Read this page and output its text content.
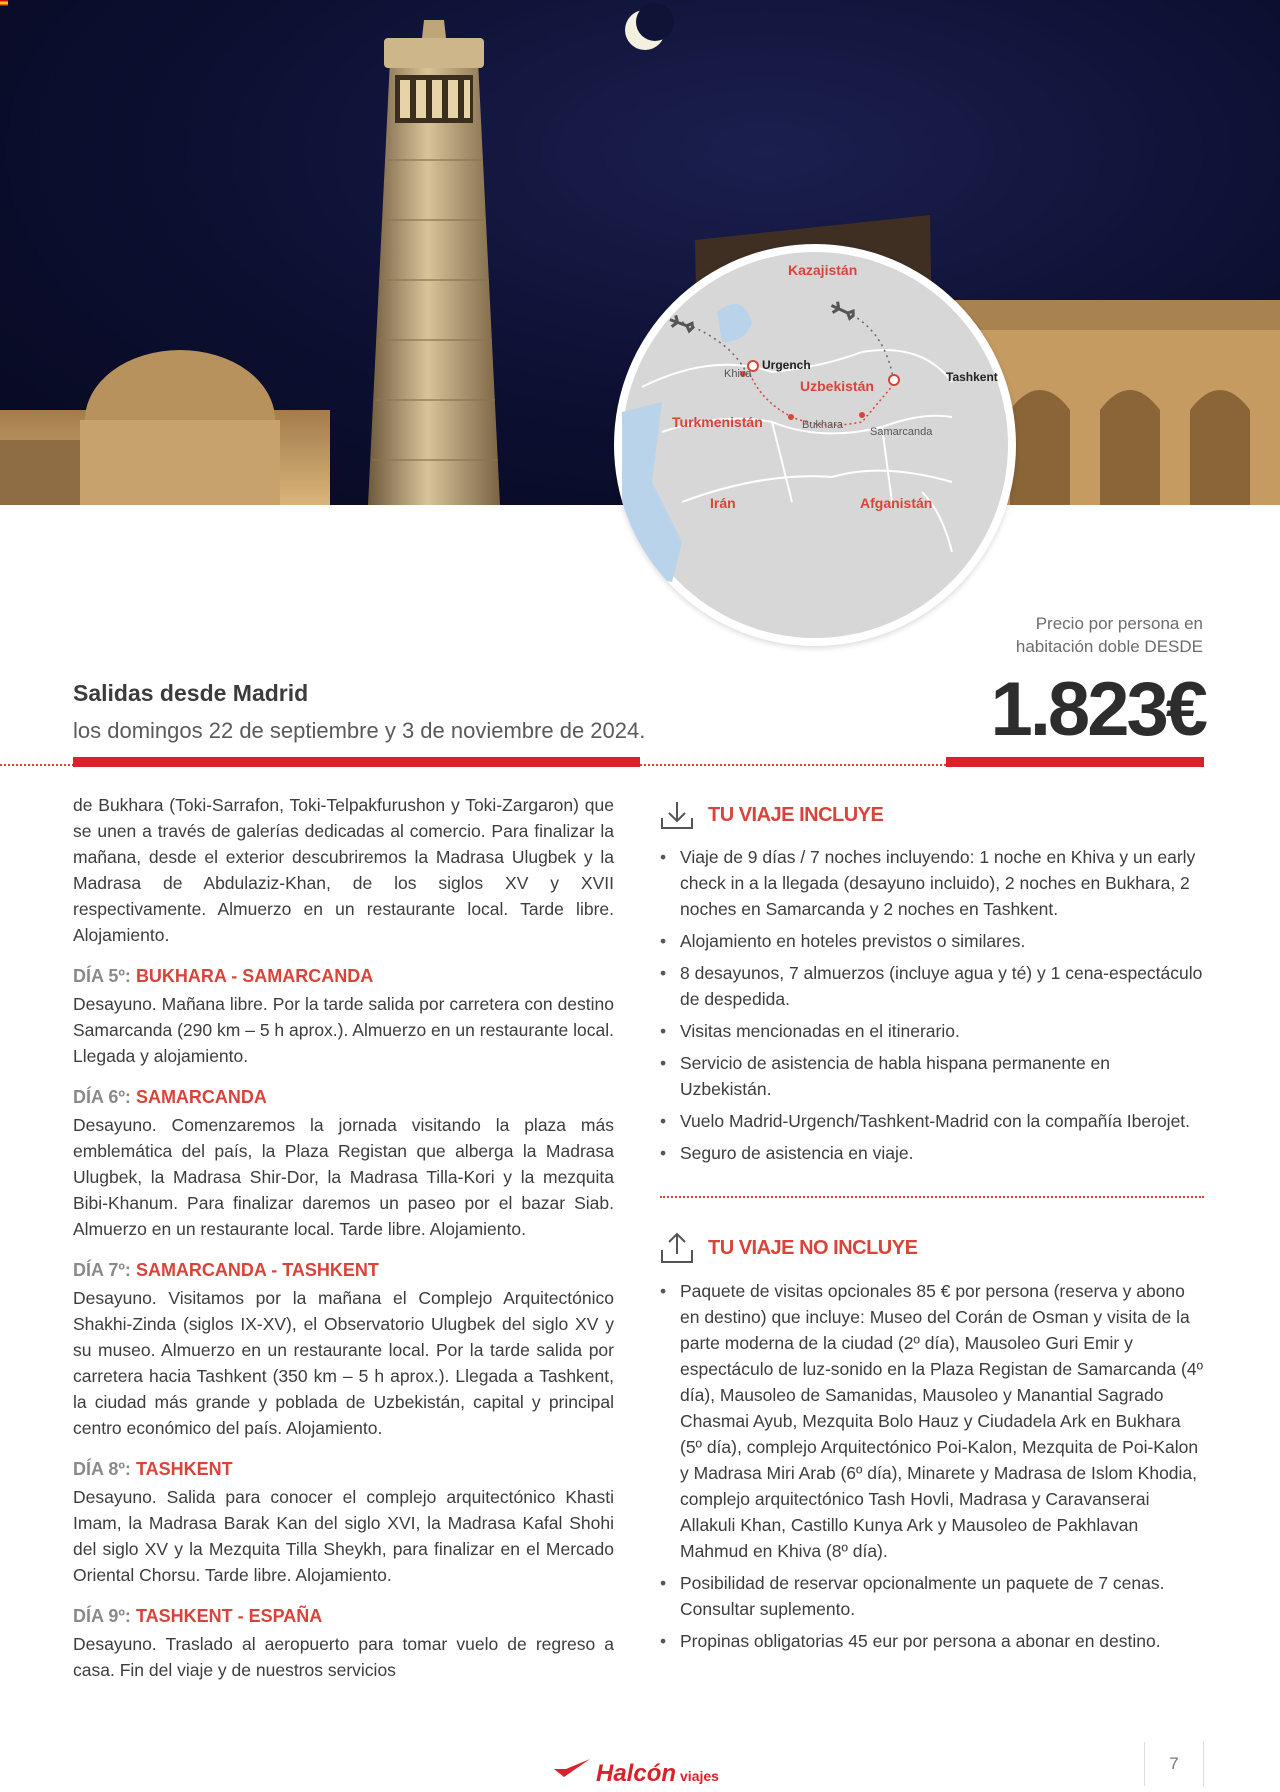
Kazajistán
Uzbekistán
Turkmenistán
Irán	Afganistán
Urgench
Khiva
Bukhara
Samarcanda
Tashkent
Precio por persona en habitación doble DESDE
1.823€
Salidas desde Madrid
los domingos 22 de septiembre y 3 de noviembre de 2024.

de Bukhara (Toki-Sarrafon, Toki-Telpakfurushon y Toki-Zargaron) que se unen a través de galerías dedicadas al comercio. Para finalizar la mañana, desde el exterior descubriremos la Madrasa Ulugbek y la Madrasa de Abdulaziz-Khan, de los siglos XV y XVII respectivamente. Almuerzo en un restaurante local. Tarde libre. Alojamiento.

DÍA 5º: BUKHARA - SAMARCANDA

Desayuno. Mañana libre. Por la tarde salida por carretera con destino Samarcanda (290 km – 5 h aprox.). Almuerzo en un restaurante local. Llegada y alojamiento.

DÍA 6º: SAMARCANDA

Desayuno. Comenzaremos la jornada visitando la plaza más emblemática del país, la Plaza Registan que alberga la Madrasa Ulugbek, la Madrasa Shir-Dor, la Madrasa Tilla-Kori y la mezquita Bibi-Khanum. Para finalizar daremos un paseo por el bazar Siab. Almuerzo en un restaurante local. Tarde libre. Alojamiento.

DÍA 7º: SAMARCANDA - TASHKENT

Desayuno. Visitamos por la mañana el Complejo Arquitectónico Shakhi-Zinda (siglos IX-XV), el Observatorio Ulugbek del siglo XV y su museo. Almuerzo en un restaurante local. Por la tarde salida por carretera hacia Tashkent (350 km – 5 h aprox.). Llegada a Tashkent, la ciudad más grande y poblada de Uzbekistán, capital y principal centro económico del país. Alojamiento.

DÍA 8º: TASHKENT

Desayuno. Salida para conocer el complejo arquitectónico Khasti Imam, la Madrasa Barak Kan del siglo XVI, la Madrasa Kafal Shohi del siglo XV y la Mezquita Tilla Sheykh, para finalizar en el Mercado Oriental Chorsu. Tarde libre. Alojamiento.

DÍA 9º: TASHKENT - ESPAÑA

Desayuno. Traslado al aeropuerto para tomar vuelo de regreso a casa. Fin del viaje y de nuestros servicios

TU VIAJE INCLUYE
• Viaje de 9 días / 7 noches incluyendo: 1 noche en Khiva y un early check in a la llegada (desayuno incluido), 2 noches en Bukhara, 2 noches en Samarcanda y 2 noches en Tashkent.
• Alojamiento en hoteles previstos o similares.
• 8 desayunos, 7 almuerzos (incluye agua y té) y 1 cena-espectáculo de despedida.
• Visitas mencionadas en el itinerario.
• Servicio de asistencia de habla hispana permanente en Uzbekistán.
• Vuelo Madrid-Urgench/Tashkent-Madrid con la compañía Iberojet.
• Seguro de asistencia en viaje.
TU VIAJE NO INCLUYE
• Paquete de visitas opcionales 85 € por persona (reserva y abono en destino) que incluye: Museo del Corán de Osman y visita de la parte moderna de la ciudad (2º día), Mausoleo Guri Emir y espectáculo de luz-sonido en la Plaza Registan de Samarcanda (4º día), Mausoleo de Samanidas, Mausoleo y Manantial Sagrado Chasmai Ayub, Mezquita Bolo Hauz y Ciudadela Ark en Bukhara (5º día), complejo Arquitectónico Poi-Kalon, Mezquita de Poi-Kalon y Madrasa Miri Arab (6º día), Minarete y Madrasa de Islom Khodia, complejo arquitectónico Tash Hovli, Madrasa y Caravanserai Allakuli Khan, Castillo Kunya Ark y Mausoleo de Pakhlavan Mahmud en Khiva (8º día).
• Posibilidad de reservar opcionalmente un paquete de 7 cenas. Consultar suplemento.
• Propinas obligatorias 45 eur por persona a abonar en destino.
Halcón viajes
7
